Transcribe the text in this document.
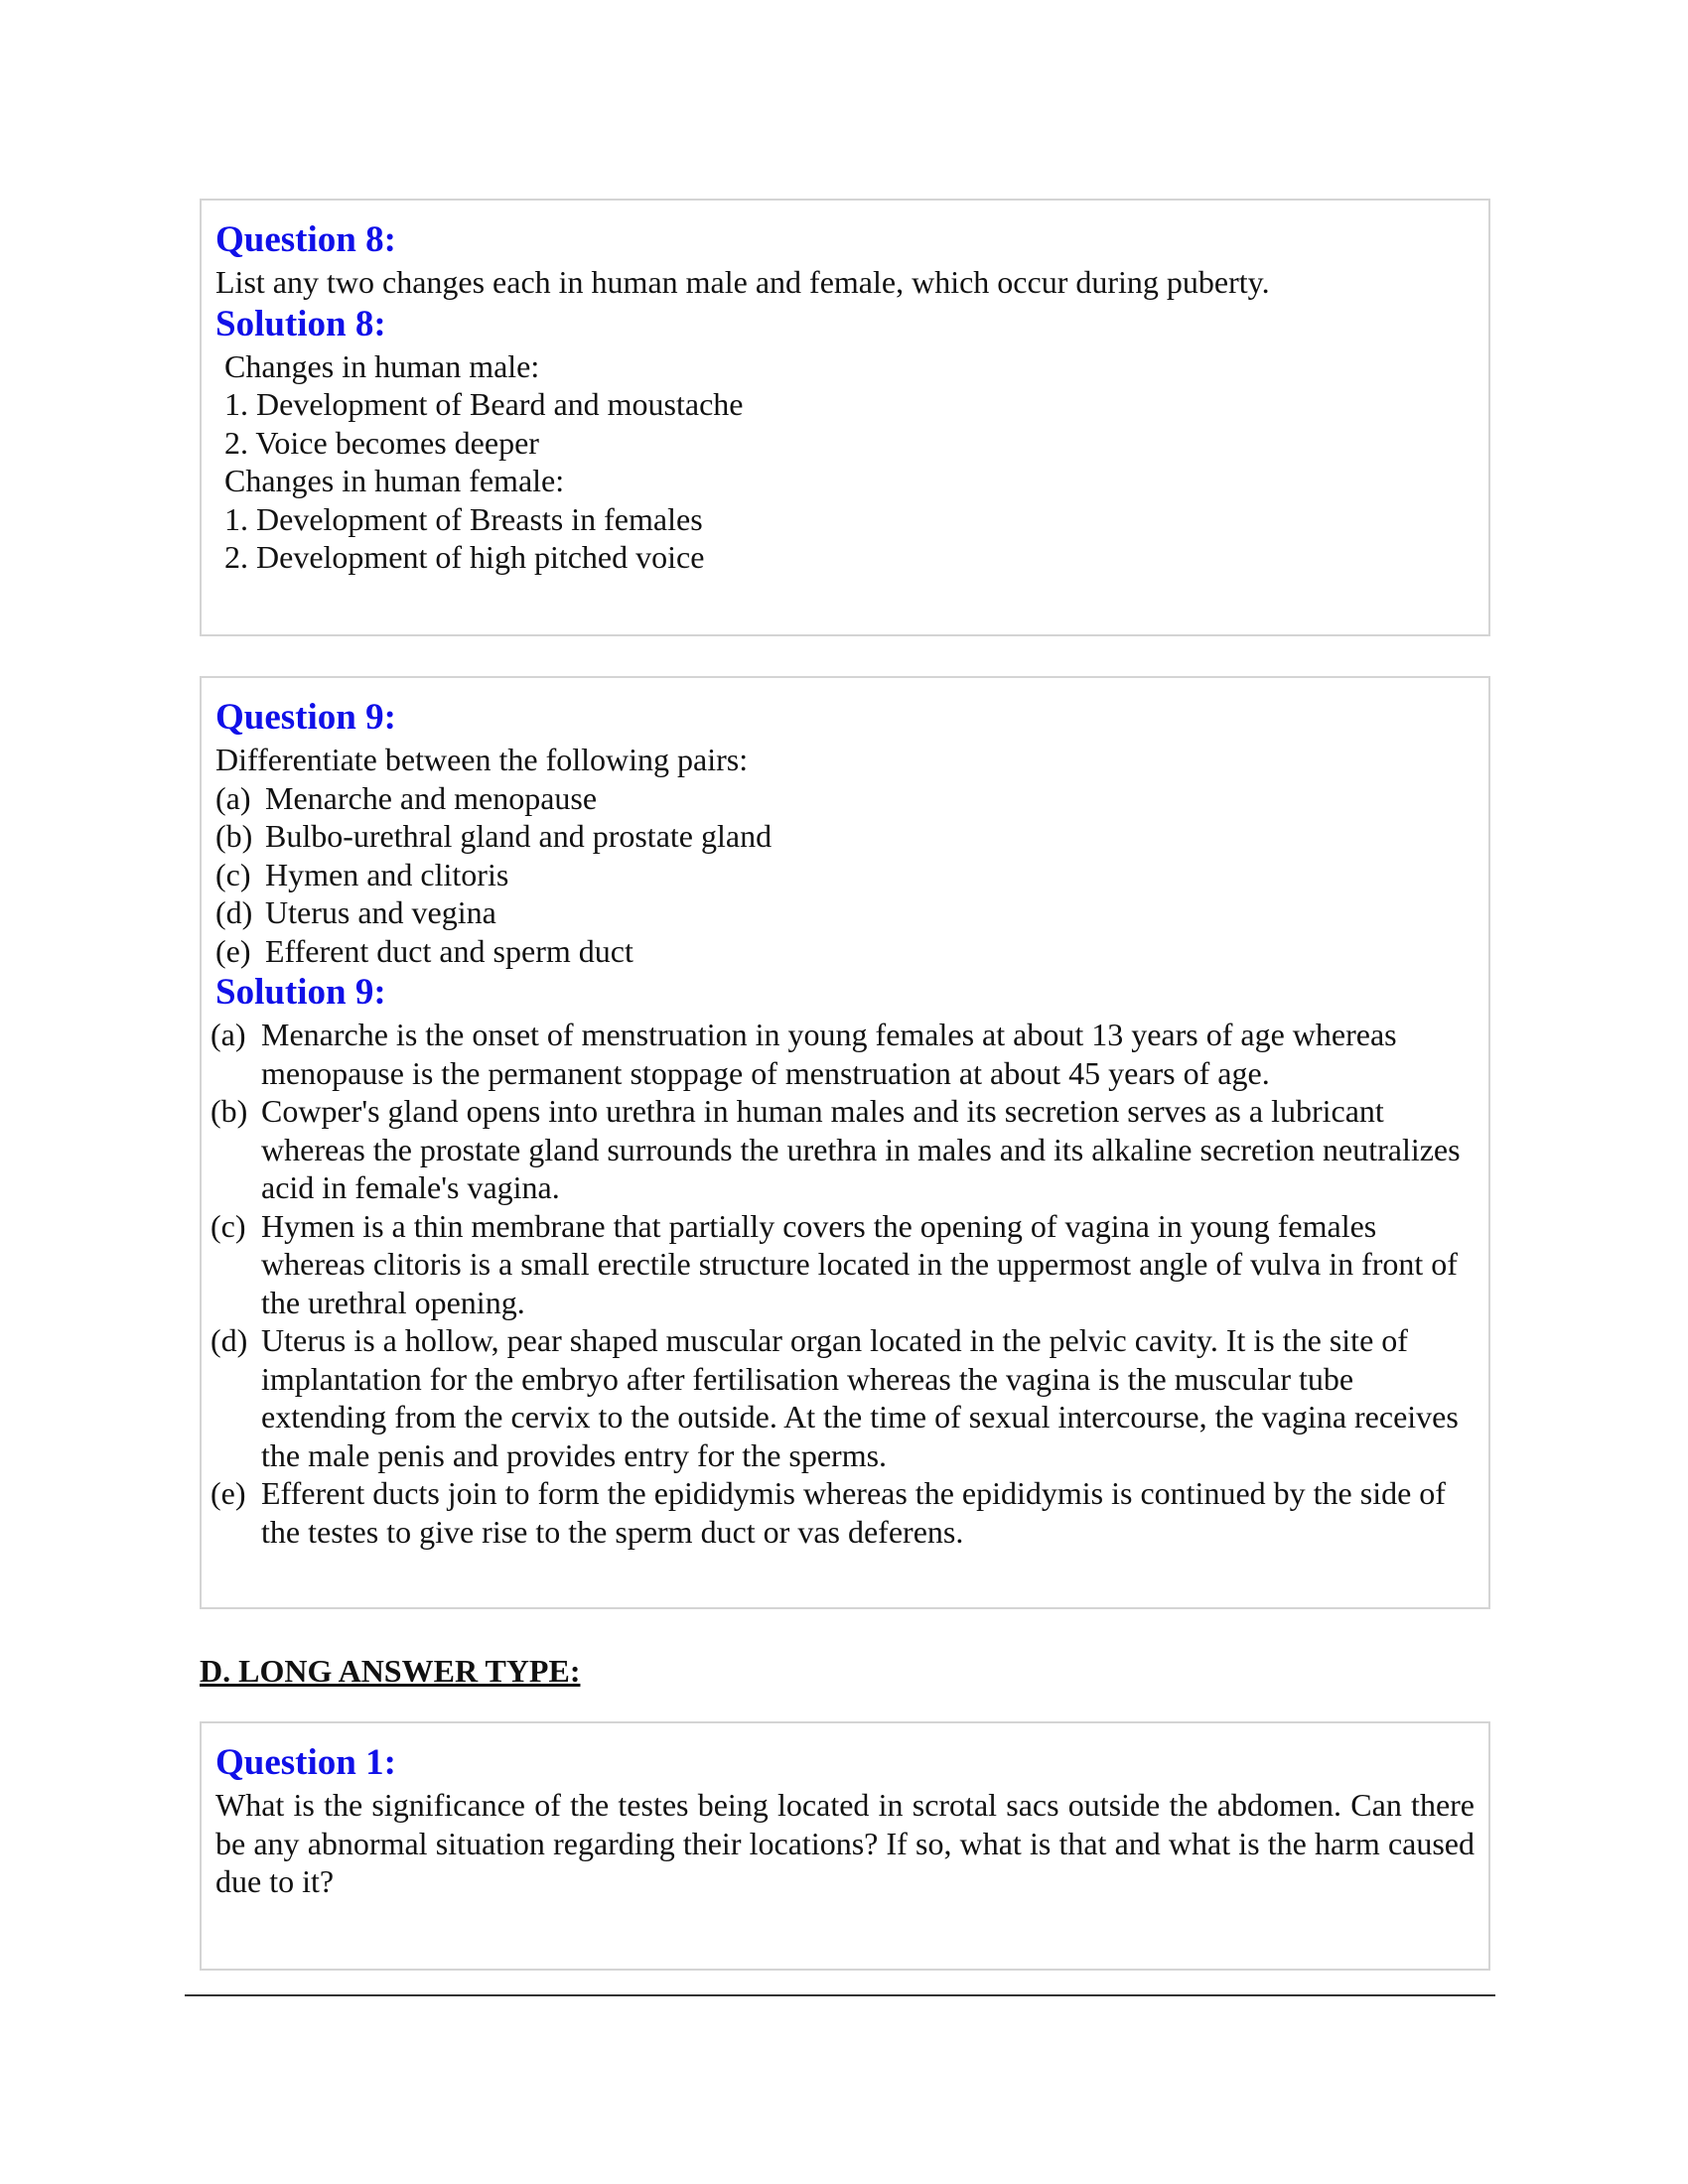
Question 8:
List any two changes each in human male and female, which occur during puberty.
Solution 8:
Changes in human male:
1. Development of Beard and moustache
2. Voice becomes deeper
Changes in human female:
1. Development of Breasts in females
2. Development of high pitched voice
Question 9:
Differentiate between the following pairs:
(a) Menarche and menopause
(b) Bulbo-urethral gland and prostate gland
(c) Hymen and clitoris
(d) Uterus and vegina
(e) Efferent duct and sperm duct
Solution 9:
(a) Menarche is the onset of menstruation in young females at about 13 years of age whereas menopause is the permanent stoppage of menstruation at about 45 years of age.
(b) Cowper's gland opens into urethra in human males and its secretion serves as a lubricant whereas the prostate gland surrounds the urethra in males and its alkaline secretion neutralizes acid in female's vagina.
(c) Hymen is a thin membrane that partially covers the opening of vagina in young females whereas clitoris is a small erectile structure located in the uppermost angle of vulva in front of the urethral opening.
(d) Uterus is a hollow, pear shaped muscular organ located in the pelvic cavity. It is the site of implantation for the embryo after fertilisation whereas the vagina is the muscular tube extending from the cervix to the outside. At the time of sexual intercourse, the vagina receives the male penis and provides entry for the sperms.
(e) Efferent ducts join to form the epididymis whereas the epididymis is continued by the side of the testes to give rise to the sperm duct or vas deferens.
D. LONG ANSWER TYPE:
Question 1:
What is the significance of the testes being located in scrotal sacs outside the abdomen. Can there be any abnormal situation regarding their locations? If so, what is that and what is the harm caused due to it?
